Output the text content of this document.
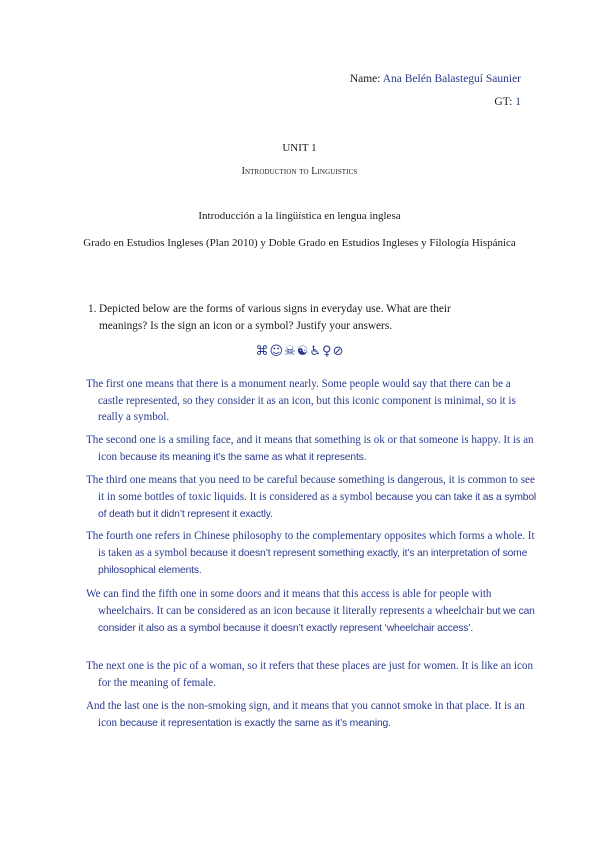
Name: Ana Belén Balasteguí Saunier
GT: 1
UNIT 1
Introduction to Linguistics
Introducción a la lingüística en lengua inglesa
Grado en Estudios Ingleses (Plan 2010) y Doble Grado en Estudios Ingleses y Filología Hispánica
1. Depicted below are the forms of various signs in everyday use. What are their meanings? Is the sign an icon or a symbol? Justify your answers.
⌘☺☠☯♿♀⊘
The first one means that there is a monument nearly. Some people would say that there can be a castle represented, so they consider it as an icon, but this iconic component is minimal, so it is really a symbol.
The second one is a smiling face, and it means that something is ok or that someone is happy. It is an icon because its meaning it’s the same as what it represents.
The third one means that you need to be careful because something is dangerous, it is common to see it in some bottles of toxic liquids. It is considered as a symbol because you can take it as a symbol of death but it didn’t represent it exactly.
The fourth one refers in Chinese philosophy to the complementary opposites which forms a whole. It is taken as a symbol because it doesn’t represent something exactly, it’s an interpretation of some philosophical elements.
We can find the fifth one in some doors and it means that this access is able for people with wheelchairs. It can be considered as an icon because it literally represents a wheelchair but we can consider it also as a symbol because it doesn’t exactly represent ‘wheelchair access’.
The next one is the pic of a woman, so it refers that these places are just for women. It is like an icon for the meaning of female.
And the last one is the non-smoking sign, and it means that you cannot smoke in that place. It is an icon because it representation is exactly the same as it’s meaning.
